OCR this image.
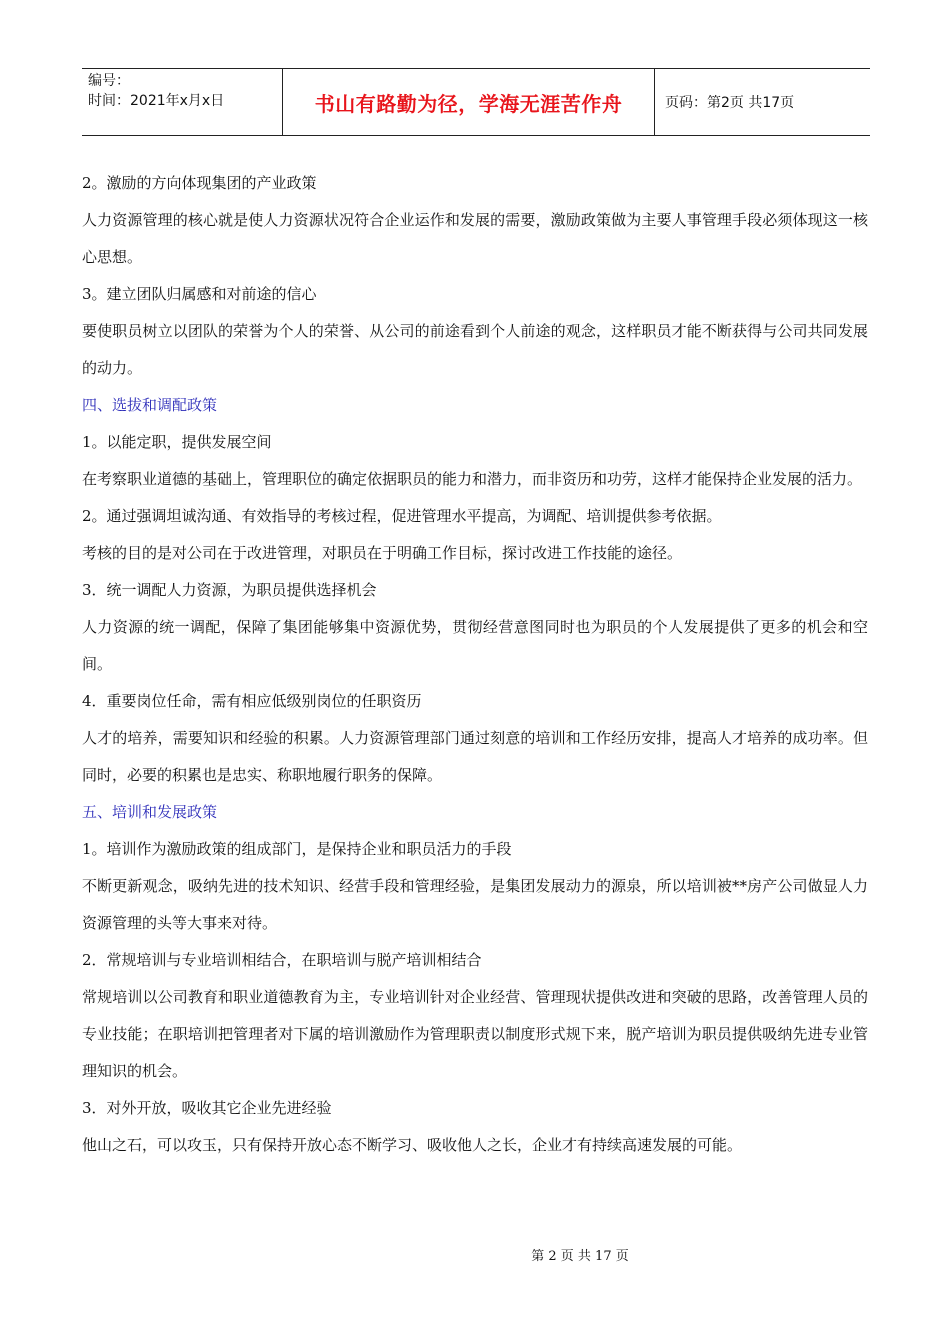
编号：
时间：2021年x月x日	书山有路勤为径，学海无涯苦作舟	页码：第2页 共17页

2。激励的方向体现集团的产业政策

人力资源管理的核心就是使人力资源状况符合企业运作和发展的需要，激励政策做为主要人事管理手段必须体现这一核心思想。

3。建立团队归属感和对前途的信心

要使职员树立以团队的荣誉为个人的荣誉、从公司的前途看到个人前途的观念，这样职员才能不断获得与公司共同发展的动力。

四、选拔和调配政策

1。以能定职，提供发展空间

在考察职业道德的基础上，管理职位的确定依据职员的能力和潜力，而非资历和功劳，这样才能保持企业发展的活力。

2。通过强调坦诚沟通、有效指导的考核过程，促进管理水平提高，为调配、培训提供参考依据。

考核的目的是对公司在于改进管理，对职员在于明确工作目标，探讨改进工作技能的途径。

3．统一调配人力资源，为职员提供选择机会

人力资源的统一调配，保障了集团能够集中资源优势，贯彻经营意图同时也为职员的个人发展提供了更多的机会和空间。

4．重要岗位任命，需有相应低级别岗位的任职资历

人才的培养，需要知识和经验的积累。人力资源管理部门通过刻意的培训和工作经历安排，提高人才培养的成功率。但同时，必要的积累也是忠实、称职地履行职务的保障。

五、培训和发展政策

1。培训作为激励政策的组成部门，是保持企业和职员活力的手段

不断更新观念，吸纳先进的技术知识、经营手段和管理经验，是集团发展动力的源泉，所以培训被**房产公司做显人力资源管理的头等大事来对待。

2．常规培训与专业培训相结合，在职培训与脱产培训相结合

常规培训以公司教育和职业道德教育为主，专业培训针对企业经营、管理现状提供改进和突破的思路，改善管理人员的专业技能；在职培训把管理者对下属的培训激励作为管理职责以制度形式规下来，脱产培训为职员提供吸纳先进专业管理知识的机会。

3．对外开放，吸收其它企业先进经验

他山之石，可以攻玉，只有保持开放心态不断学习、吸收他人之长，企业才有持续高速发展的可能。

第 2 页 共 17 页
